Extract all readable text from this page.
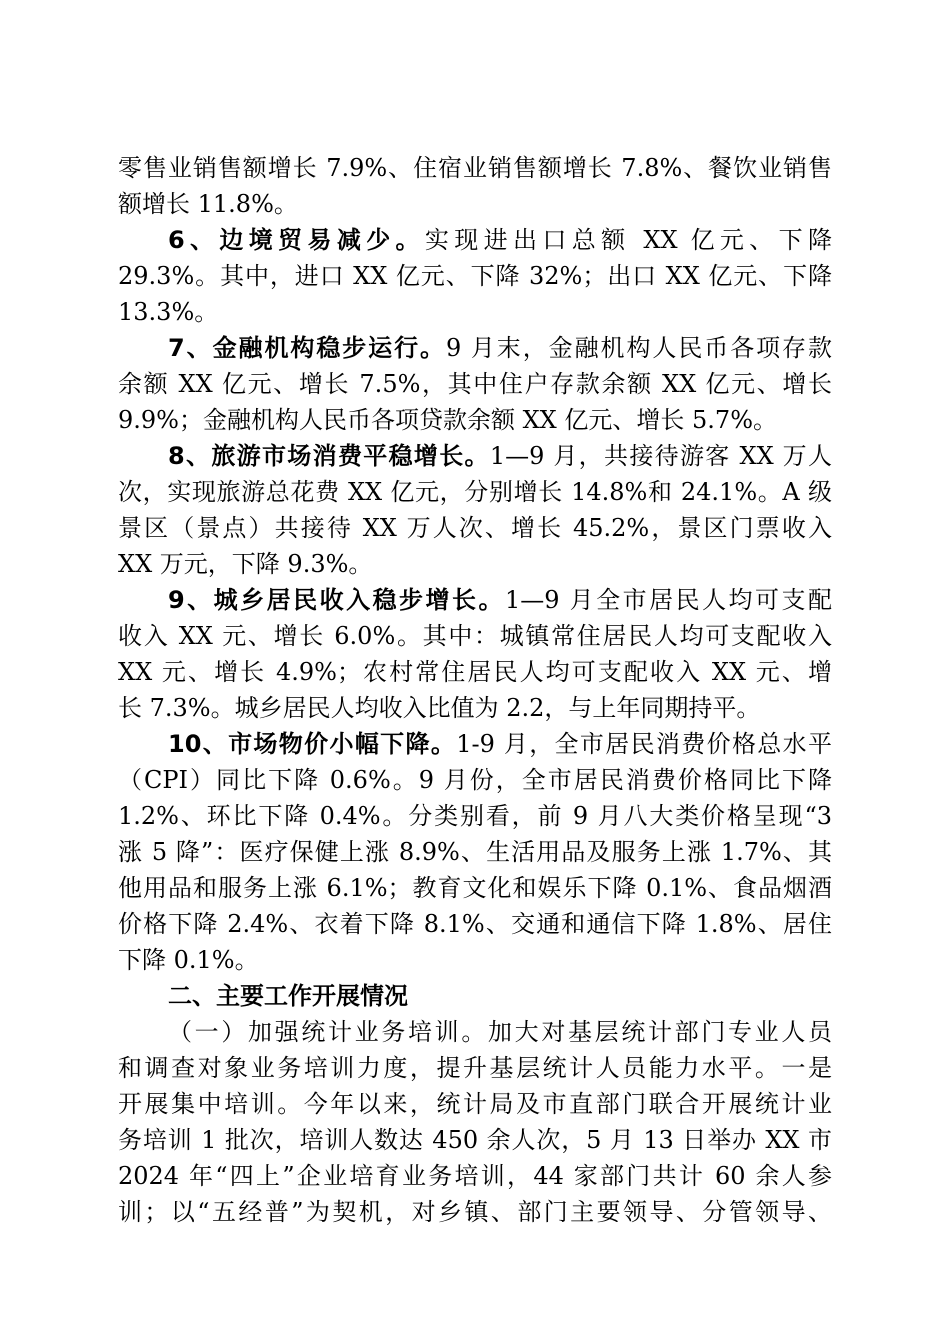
零售业销售额增长 7.9%、住宿业销售额增长 7.8%、餐饮业销售
额增长 11.8%。
6、边境贸易减少。实现进出口总额 XX 亿元、下降
29.3%。其中，进口 XX 亿元、下降 32%；出口 XX 亿元、下降
13.3%。
7、金融机构稳步运行。9 月末，金融机构人民币各项存款
余额 XX 亿元、增长 7.5%，其中住户存款余额 XX 亿元、增长
9.9%；金融机构人民币各项贷款余额 XX 亿元、增长 5.7%。
8、旅游市场消费平稳增长。1—9 月，共接待游客 XX 万人
次，实现旅游总花费 XX 亿元，分别增长 14.8%和 24.1%。A 级
景区（景点）共接待 XX 万人次、增长 45.2%，景区门票收入
XX 万元，下降 9.3%。
9、城乡居民收入稳步增长。1—9 月全市居民人均可支配
收入 XX 元、增长 6.0%。其中：城镇常住居民人均可支配收入
XX 元、增长 4.9%；农村常住居民人均可支配收入 XX 元、增
长 7.3%。城乡居民人均收入比值为 2.2，与上年同期持平。
10、市场物价小幅下降。1-9 月，全市居民消费价格总水平
（CPI）同比下降 0.6%。9 月份，全市居民消费价格同比下降
1.2%、环比下降 0.4%。分类别看，前 9 月八大类价格呈现“3
涨 5 降”：医疗保健上涨 8.9%、生活用品及服务上涨 1.7%、其
他用品和服务上涨 6.1%；教育文化和娱乐下降 0.1%、食品烟酒
价格下降 2.4%、衣着下降 8.1%、交通和通信下降 1.8%、居住
下降 0.1%。
二、主要工作开展情况
（一）加强统计业务培训。加大对基层统计部门专业人员
和调查对象业务培训力度，提升基层统计人员能力水平。一是
开展集中培训。今年以来，统计局及市直部门联合开展统计业
务培训 1 批次，培训人数达 450 余人次，5 月 13 日举办 XX 市
2024 年“四上”企业培育业务培训，44 家部门共计 60 余人参
训；以“五经普”为契机，对乡镇、部门主要领导、分管领导、
